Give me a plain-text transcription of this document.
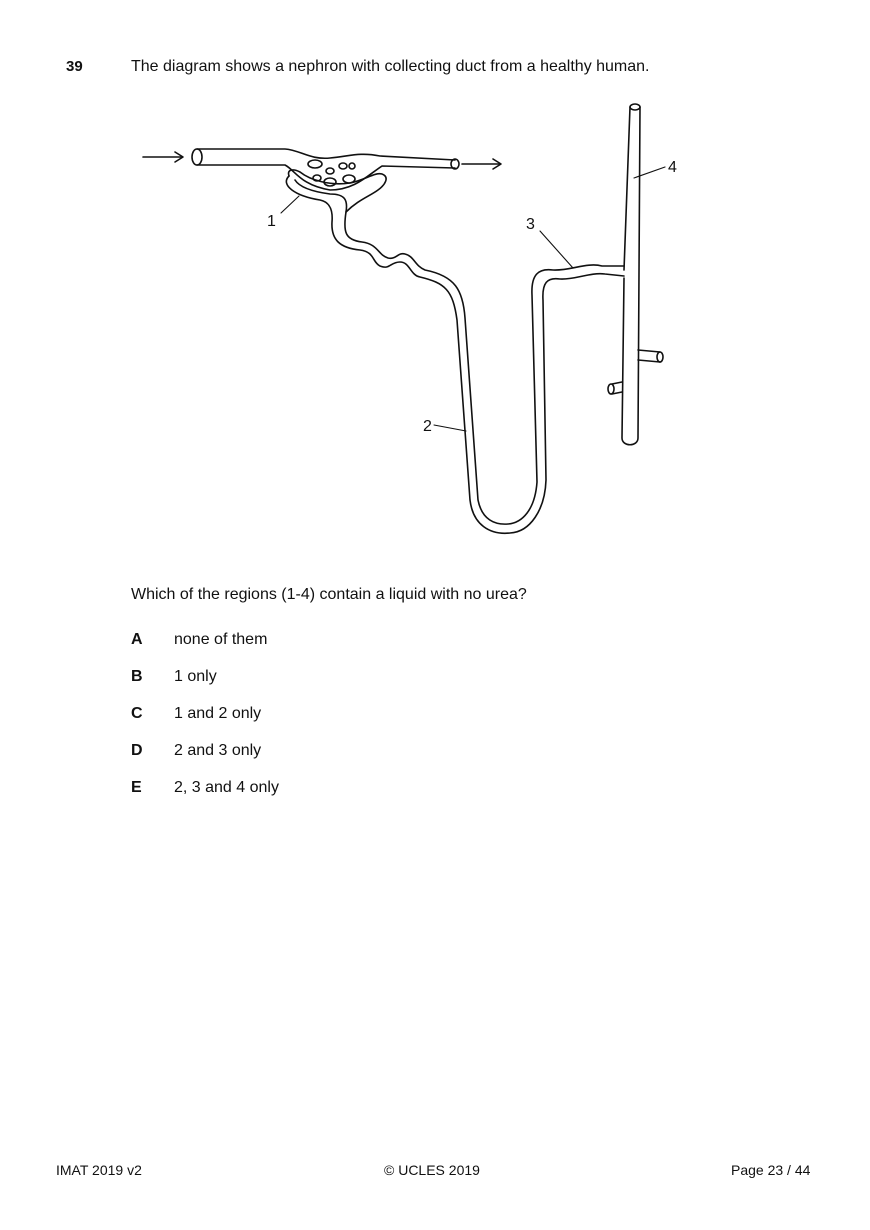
39	The diagram shows a nephron with collecting duct from a healthy human.
1
2
3
4
Which of the regions (1-4) contain a liquid with no urea?
A none of them
B 1 only
C 1 and 2 only
D 2 and 3 only
E 2, 3 and 4 only
IMAT 2019 v2	© UCLES 2019	Page 23 / 44
